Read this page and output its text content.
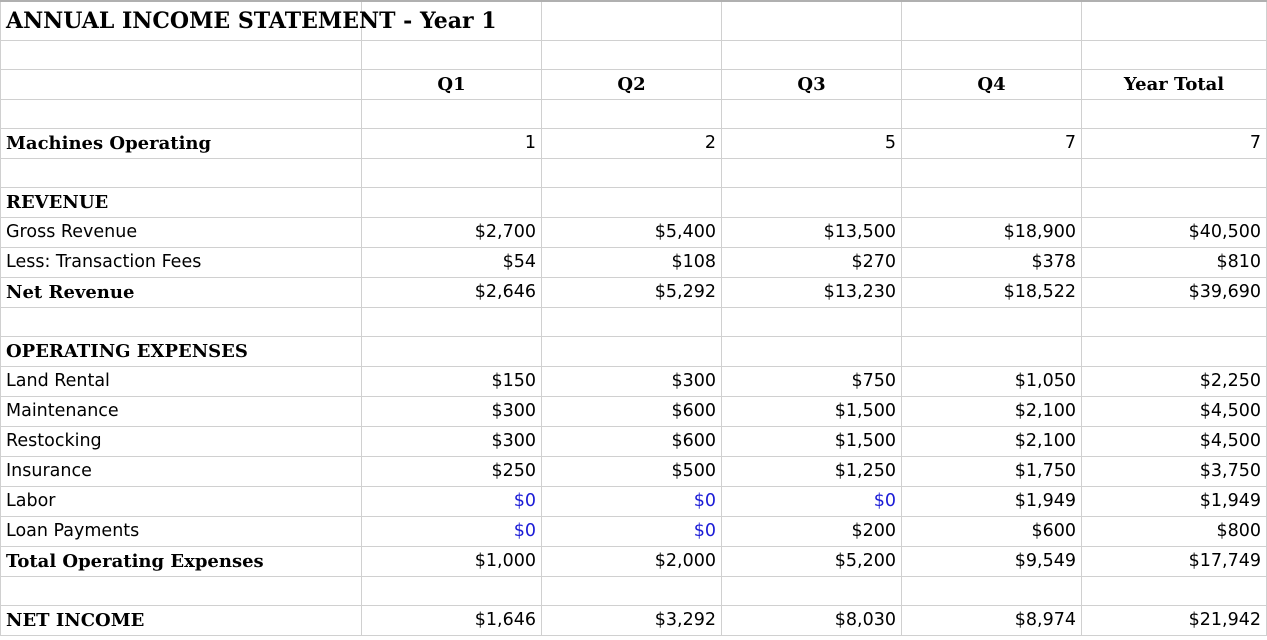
ANNUAL INCOME STATEMENT - Year 1					

	Q1	Q2	Q3	Q4	Year Total

Machines Operating	1	2	5	7	7

REVENUE					
Gross Revenue	$2,700	$5,400	$13,500	$18,900	$40,500
Less: Transaction Fees	$54	$108	$270	$378	$810
Net Revenue	$2,646	$5,292	$13,230	$18,522	$39,690

OPERATING EXPENSES					
Land Rental	$150	$300	$750	$1,050	$2,250
Maintenance	$300	$600	$1,500	$2,100	$4,500
Restocking	$300	$600	$1,500	$2,100	$4,500
Insurance	$250	$500	$1,250	$1,750	$3,750
Labor	$0	$0	$0	$1,949	$1,949
Loan Payments	$0	$0	$200	$600	$800
Total Operating Expenses	$1,000	$2,000	$5,200	$9,549	$17,749

NET INCOME	$1,646	$3,292	$8,030	$8,974	$21,942
